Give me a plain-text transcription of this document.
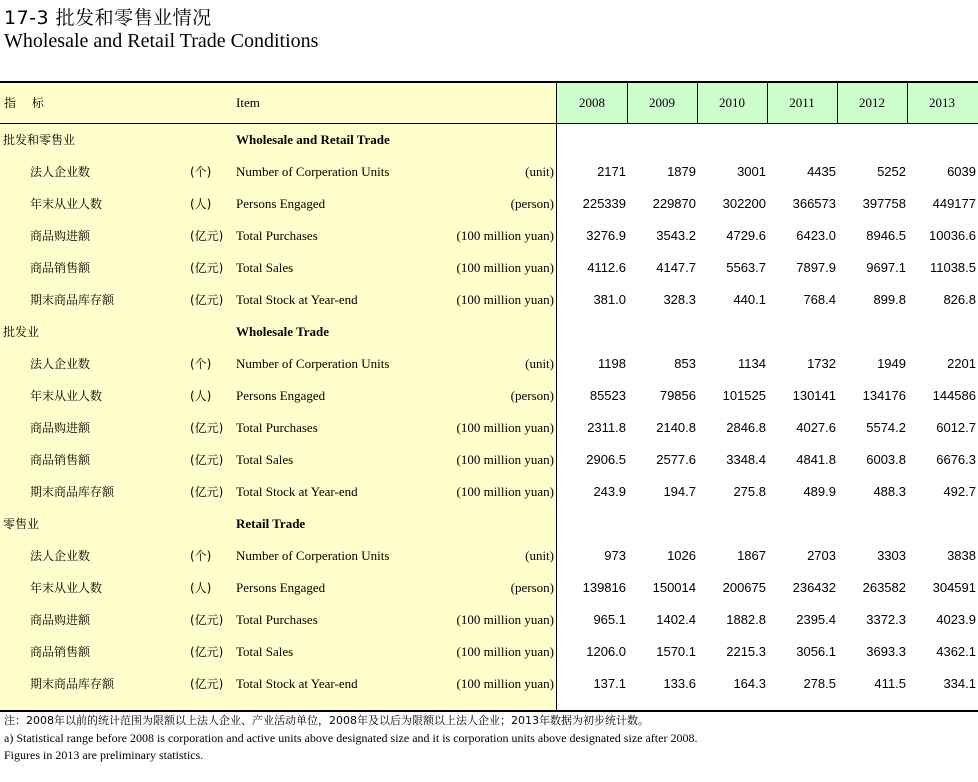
17-3 批发和零售业情况
Wholesale and Retail Trade Conditions
指 标	Item	2008	2009	2010	2011	2012	2013
批发和零售业	Wholesale and Retail Trade
法人企业数	(个) Number of Corperation Units	(unit)	2171	1879	3001	4435	5252	6039
年末从业人数	(人) Persons Engaged	(person)	225339	229870	302200	366573	397758	449177
商品购进额	(亿元) Total Purchases	(100 million yuan)	3276.9	3543.2	4729.6	6423.0	8946.5	10036.6
商品销售额	(亿元) Total Sales	(100 million yuan)	4112.6	4147.7	5563.7	7897.9	9697.1	11038.5
期末商品库存额	(亿元) Total Stock at Year-end	(100 million yuan)	381.0	328.3	440.1	768.4	899.8	826.8
批发业	Wholesale Trade
法人企业数	(个) Number of Corperation Units	(unit)	1198	853	1134	1732	1949	2201
年末从业人数	(人) Persons Engaged	(person)	85523	79856	101525	130141	134176	144586
商品购进额	(亿元) Total Purchases	(100 million yuan)	2311.8	2140.8	2846.8	4027.6	5574.2	6012.7
商品销售额	(亿元) Total Sales	(100 million yuan)	2906.5	2577.6	3348.4	4841.8	6003.8	6676.3
期末商品库存额	(亿元) Total Stock at Year-end	(100 million yuan)	243.9	194.7	275.8	489.9	488.3	492.7
零售业	Retail Trade
法人企业数	(个) Number of Corperation Units	(unit)	973	1026	1867	2703	3303	3838
年末从业人数	(人) Persons Engaged	(person)	139816	150014	200675	236432	263582	304591
商品购进额	(亿元) Total Purchases	(100 million yuan)	965.1	1402.4	1882.8	2395.4	3372.3	4023.9
商品销售额	(亿元) Total Sales	(100 million yuan)	1206.0	1570.1	2215.3	3056.1	3693.3	4362.1
期末商品库存额	(亿元) Total Stock at Year-end	(100 million yuan)	137.1	133.6	164.3	278.5	411.5	334.1
注：2008年以前的统计范围为限额以上法人企业、产业活动单位，2008年及以后为限额以上法人企业；2013年数据为初步统计数。
a) Statistical range before 2008 is corporation and active units above designated size and it is corporation units above designated size after 2008.
Figures in 2013 are preliminary statistics.
